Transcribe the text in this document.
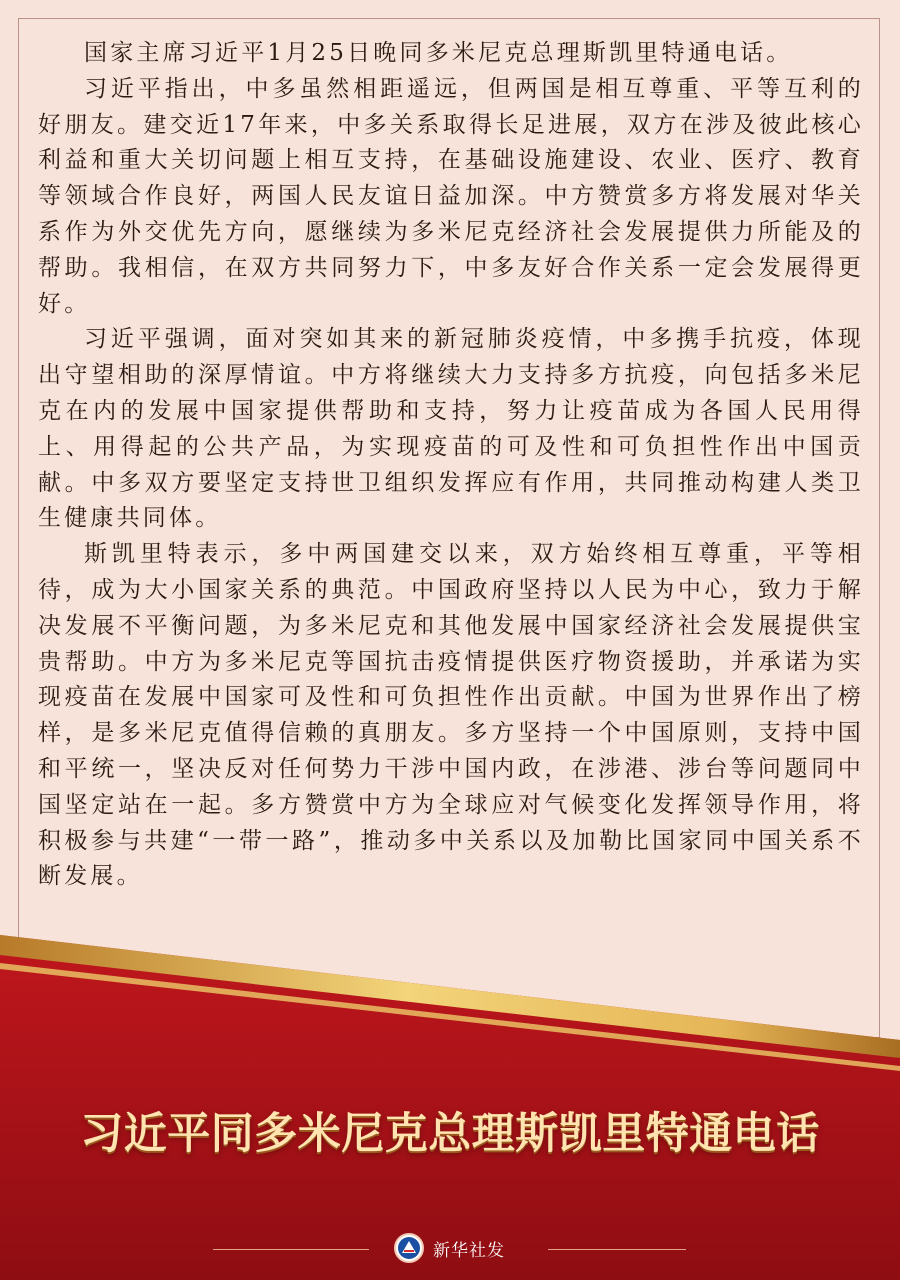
国家主席习近平1月25日晚同多米尼克总理斯凯里特通电话。

习近平指出，中多虽然相距遥远，但两国是相互尊重、平等互利的好朋友。建交近17年来，中多关系取得长足进展，双方在涉及彼此核心利益和重大关切问题上相互支持，在基础设施建设、农业、医疗、教育等领域合作良好，两国人民友谊日益加深。中方赞赏多方将发展对华关系作为外交优先方向，愿继续为多米尼克经济社会发展提供力所能及的帮助。我相信，在双方共同努力下，中多友好合作关系一定会发展得更好。

习近平强调，面对突如其来的新冠肺炎疫情，中多携手抗疫，体现出守望相助的深厚情谊。中方将继续大力支持多方抗疫，向包括多米尼克在内的发展中国家提供帮助和支持，努力让疫苗成为各国人民用得上、用得起的公共产品，为实现疫苗的可及性和可负担性作出中国贡献。中多双方要坚定支持世卫组织发挥应有作用，共同推动构建人类卫生健康共同体。

斯凯里特表示，多中两国建交以来，双方始终相互尊重，平等相待，成为大小国家关系的典范。中国政府坚持以人民为中心，致力于解决发展不平衡问题，为多米尼克和其他发展中国家经济社会发展提供宝贵帮助。中方为多米尼克等国抗击疫情提供医疗物资援助，并承诺为实现疫苗在发展中国家可及性和可负担性作出贡献。中国为世界作出了榜样，是多米尼克值得信赖的真朋友。多方坚持一个中国原则，支持中国和平统一，坚决反对任何势力干涉中国内政，在涉港、涉台等问题同中国坚定站在一起。多方赞赏中方为全球应对气候变化发挥领导作用，将积极参与共建“一带一路”，推动多中关系以及加勒比国家同中国关系不断发展。

习近平同多米尼克总理斯凯里特通电话
新华社发
